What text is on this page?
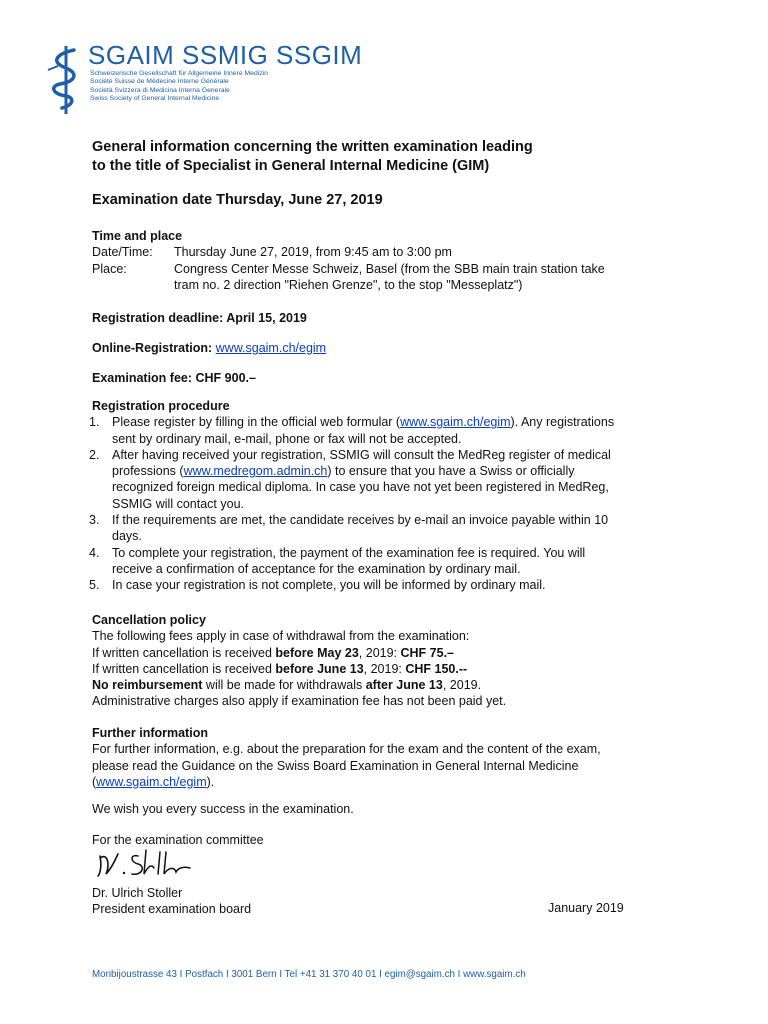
SGAIM SSMIG SSGIM
Schweizerische Gesellschaft für Allgemeine Innere Medizin
Société Suisse de Médecine Interne Générale
Società Svizzera di Medicina Interna Generale
Swiss Society of General Internal Medicine
General information concerning the written examination leading
to the title of Specialist in General Internal Medicine (GIM)
Examination date Thursday, June 27, 2019
Time and place
Date/Time: Thursday June 27, 2019, from 9:45 am to 3:00 pm
Place:	Congress Center Messe Schweiz, Basel (from the SBB main train station take
tram no. 2 direction "Riehen Grenze", to the stop "Messeplatz")
Registration deadline: April 15, 2019
Online-Registration: www.sgaim.ch/egim
Examination fee: CHF 900.–
Registration procedure
1. Please register by filling in the official web formular (www.sgaim.ch/egim). Any registrations
sent by ordinary mail, e-mail, phone or fax will not be accepted.
2. After having received your registration, SSMIG will consult the MedReg register of medical
professions (www.medregom.admin.ch) to ensure that you have a Swiss or officially
recognized foreign medical diploma. In case you have not yet been registered in MedReg,
SSMIG will contact you.
3. If the requirements are met, the candidate receives by e-mail an invoice payable within 10
days.
4. To complete your registration, the payment of the examination fee is required. You will
receive a confirmation of acceptance for the examination by ordinary mail.
5. In case your registration is not complete, you will be informed by ordinary mail.
Cancellation policy
The following fees apply in case of withdrawal from the examination:
If written cancellation is received before May 23, 2019: CHF 75.–
If written cancellation is received before June 13, 2019: CHF 150.--
No reimbursement will be made for withdrawals after June 13, 2019.
Administrative charges also apply if examination fee has not been paid yet.
Further information
For further information, e.g. about the preparation for the exam and the content of the exam,
please read the Guidance on the Swiss Board Examination in General Internal Medicine
(www.sgaim.ch/egim).
We wish you every success in the examination.
For the examination committee
Dr. Ulrich Stoller
President examination board	January 2019
Monbijoustrasse 43 I Postfach I 3001 Bern I Tel +41 31 370 40 01 I egim@sgaim.ch I www.sgaim.ch
